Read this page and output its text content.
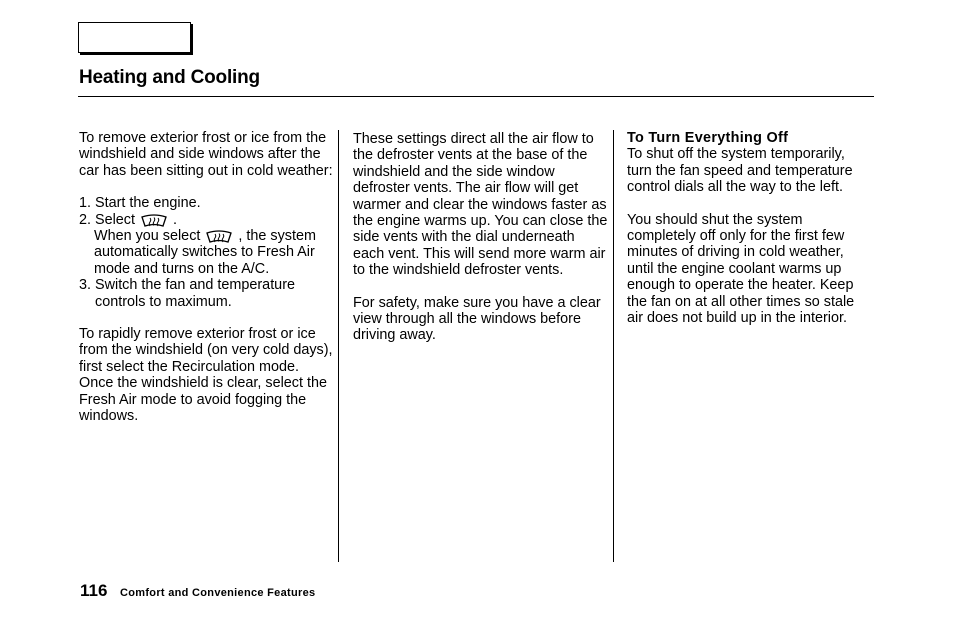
Heating and Cooling

To remove exterior frost or ice from the windshield and side windows after the car has been sitting out in cold weather:

1. Start the engine.
2. Select	.

When you select	, the system automatically switches to Fresh Air mode and turns on the A/C.

3. Switch the fan and temperature controls to maximum.

To rapidly remove exterior frost or ice from the windshield (on very cold days), first select the Recirculation mode. Once the windshield is clear, select the Fresh Air mode to avoid fogging the windows.

These settings direct all the air flow to the defroster vents at the base of the windshield and the side window defroster vents. The air flow will get warmer and clear the windows faster as the engine warms up. You can close the side vents with the dial underneath each vent. This will send more warm air to the windshield defroster vents.

For safety, make sure you have a clear view through all the windows before driving away.

To Turn Everything Off

To shut off the system temporarily, turn the fan speed and temperature control dials all the way to the left.

You should shut the system completely off only for the first few minutes of driving in cold weather, until the engine coolant warms up enough to operate the heater. Keep the fan on at all other times so stale air does not build up in the interior.

116 Comfort and Convenience Features
